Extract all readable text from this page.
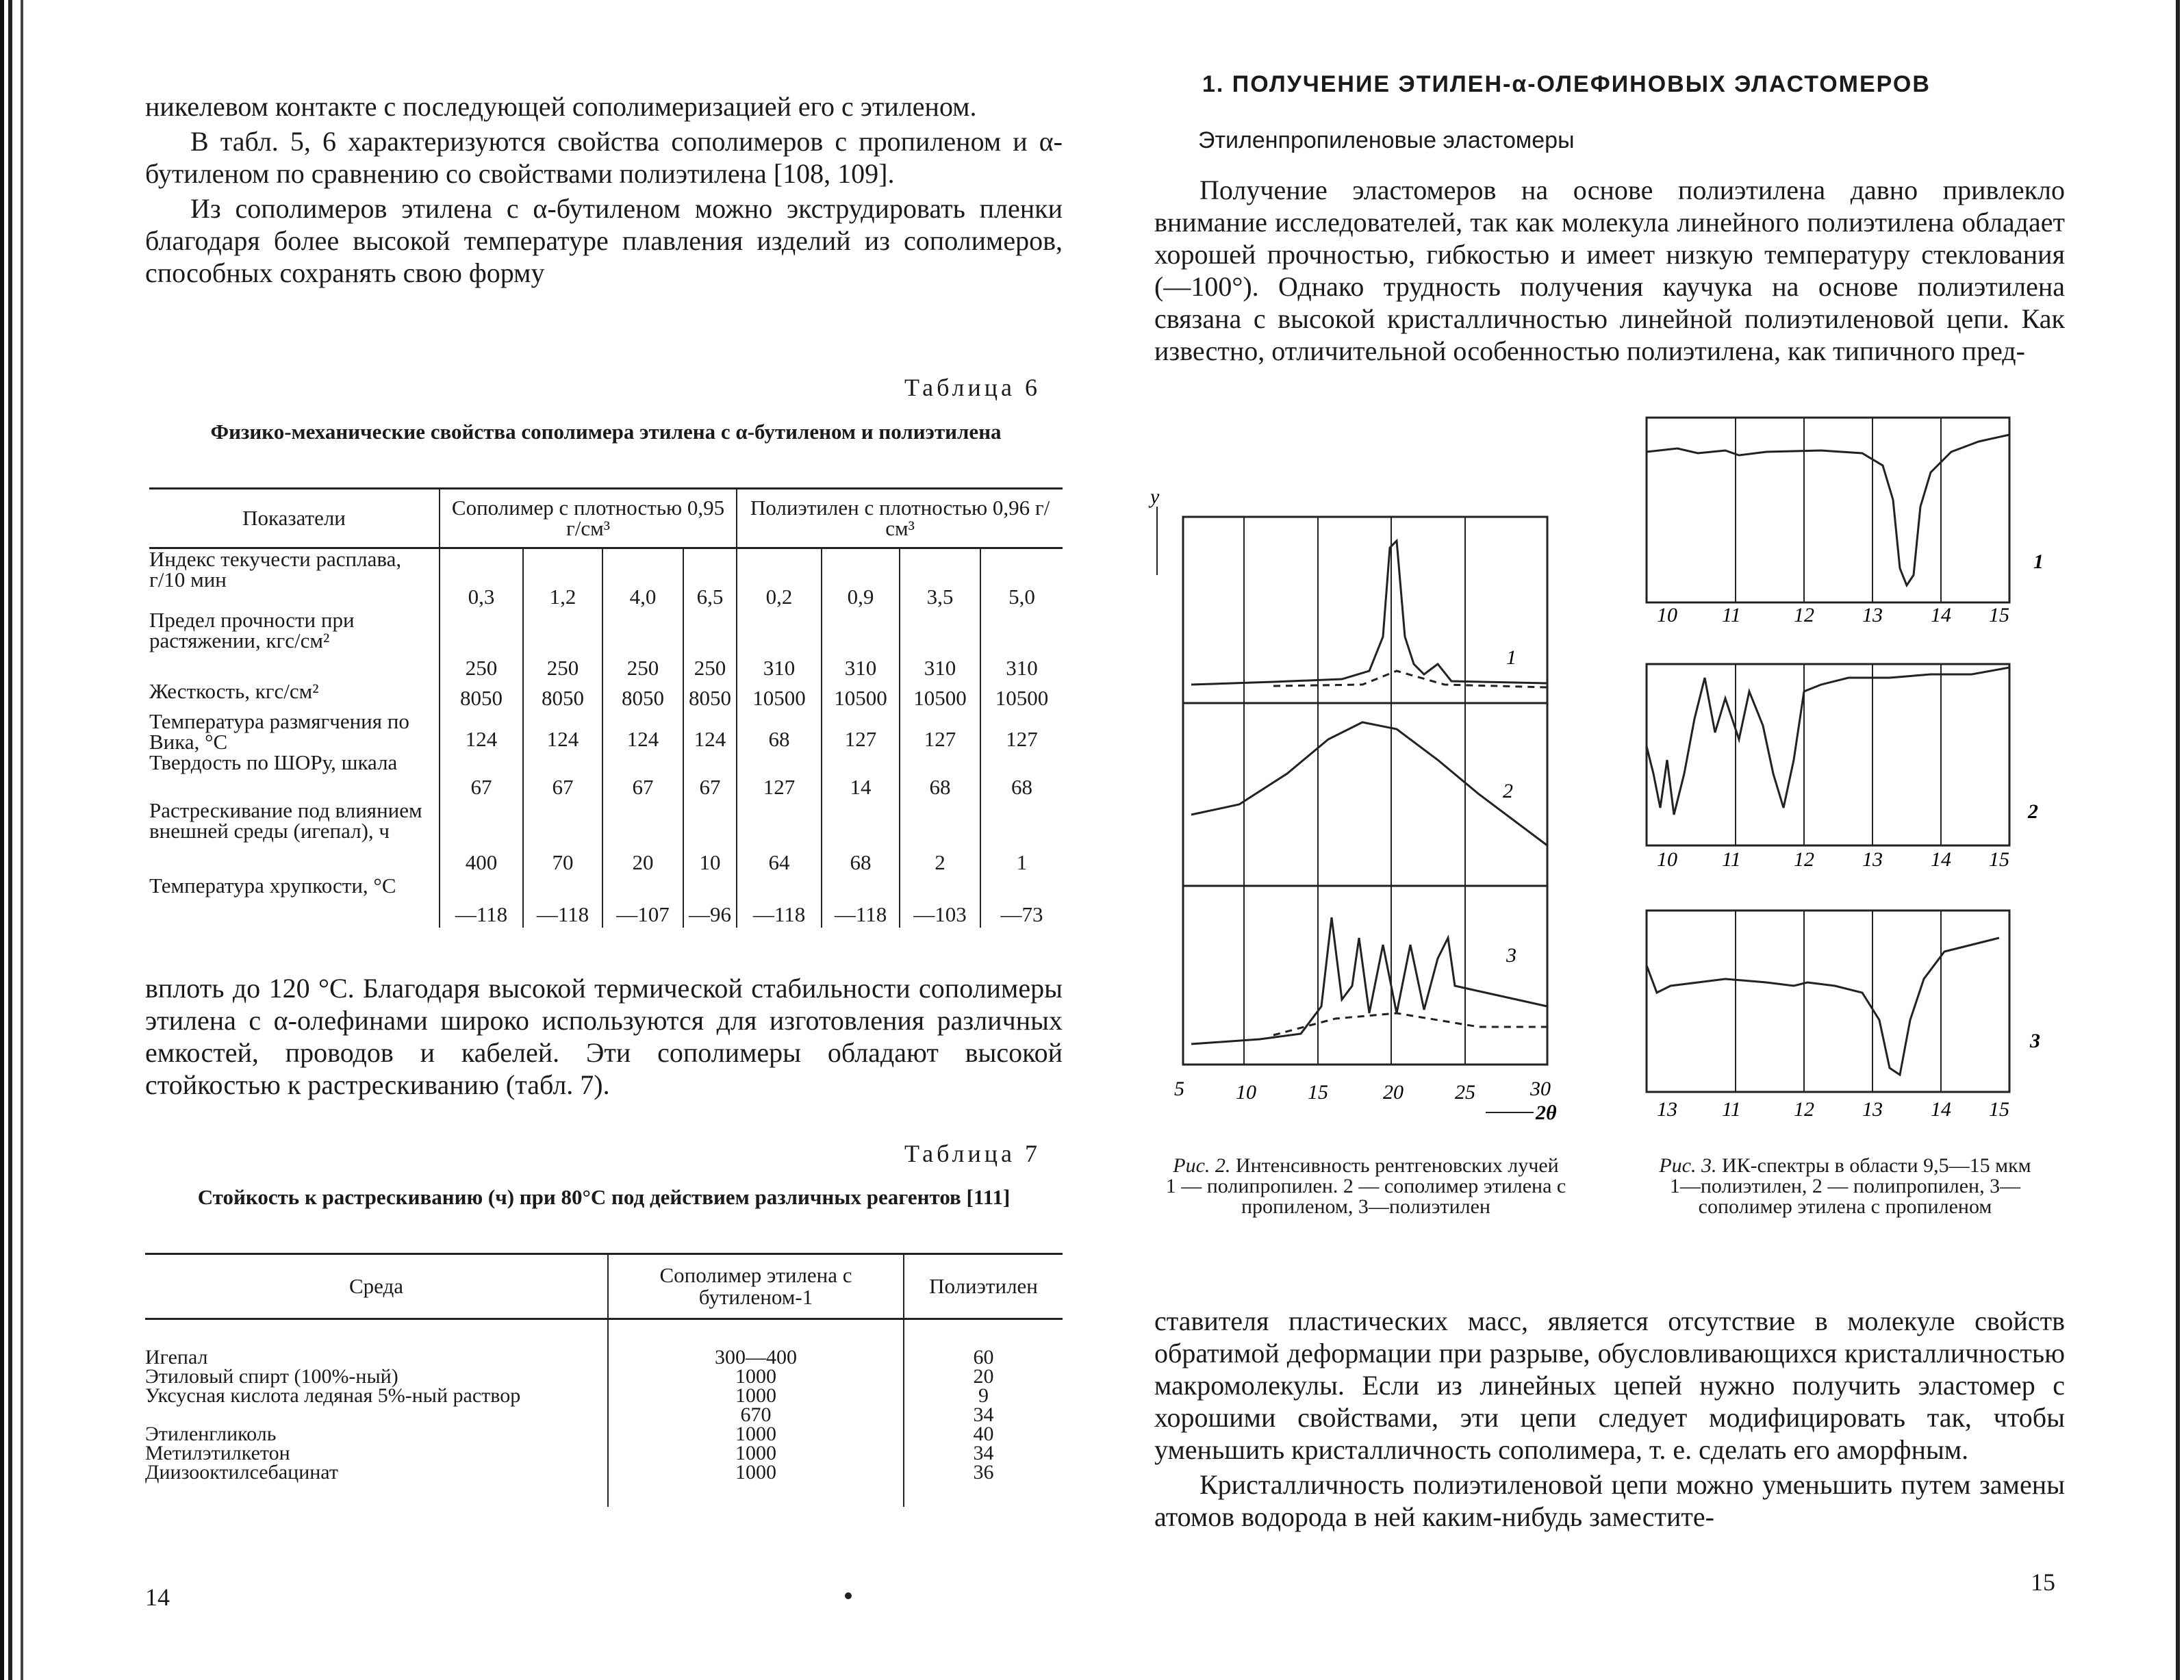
никелевом контакте с последующей сополимеризацией его с этиленом.

В табл. 5, 6 характеризуются свойства сополимеров с пропиленом и α-бутиленом по сравнению со свойствами полиэтилена [108, 109].

Из сополимеров этилена с α-бутиленом можно экструдировать пленки благодаря более высокой температуре плавления изделий из сополимеров, способных сохранять свою форму

Таблица 6
Физико-механические свойства сополимера этилена с α-бутиленом и полиэтилена
Показатели	Сополимер с плотностью 0,95 г/см³				Полиэтилен с плотностью 0,96 г/см³			
Индекс текучести расплава, г/10 мин	0,3	1,2	4,0	6,5	0,2	0,9	3,5	5,0
Предел прочности при растяжении, кгс/см²	250	250	250	250	310	310	310	310
Жесткость, кгс/см²	8050	8050	8050	8050	10500	10500	10500	10500
Температура размягчения по Вика, °С	124	124	124	124	68	127	127	127
Твердость по ШОРу, шкала	67	67	67	67	127	14	68	68
Растрескивание под влиянием внешней среды (игепал), ч	400	70	20	10	64	68	2	1
Температура хрупкости, °С	—118	—118	—107	—96	—118	—118	—103	—73

вплоть до 120 °С. Благодаря высокой термической стабильности сополимеры этилена с α-олефинами широко используются для изготовления различных емкостей, проводов и кабелей. Эти сополимеры обладают высокой стойкостью к растрескиванию (табл. 7).

Таблица 7
Стойкость к растрескиванию (ч) при 80°С под действием различных реагентов [111]
Среда	Сополимер этилена с бутиленом-1	Полиэтилен
Игепал	300—400	60
Этиловый спирт (100%-ный)	1000	20
Уксусная кислота ледяная 5%-ный раствор	1000	9
	670	34
Этиленгликоль	1000	40
Метилэтилкетон	1000	34
Диизооктилсебацинат	1000	36

14
1. ПОЛУЧЕНИЕ ЭТИЛЕН-α-ОЛЕФИНОВЫХ ЭЛАСТОМЕРОВ
Этиленпропиленовые эластомеры

Получение эластомеров на основе полиэтилена давно привлекло внимание исследователей, так как молекула линейного полиэтилена обладает хорошей прочностью, гибкостью и имеет низкую температуру стеклования (—100°). Однако трудность получения каучука на основе полиэтилена связана с высокой кристалличностью линейной полиэтиленовой цепи. Как известно, отличительной особенностью полиэтилена, как типичного пред-

y
1
2
3
5	10	15	20	25	30
2θ
Рис. 2. Интенсивность рентгеновских лучей
1 — полипропилен. 2 — сополимер этилена с пропиленом, 3—полиэтилен
1
2
3
10 11	12 13 14 15
10 11	12 13 14 15
13 11	12 13 14 15
Рис. 3. ИК-спектры в области 9,5—15 мкм
1—полиэтилен, 2 — полипропилен, 3—сополимер этилена с пропиленом

ставителя пластических масс, является отсутствие в молекуле свойств обратимой деформации при разрыве, обусловливающихся кристалличностью макромолекулы. Если из линейных цепей нужно получить эластомер с хорошими свойствами, эти цепи следует модифицировать так, чтобы уменьшить кристалличность сополимера, т. е. сделать его аморфным.

Кристалличность полиэтиленовой цепи можно уменьшить путем замены атомов водорода в ней каким-нибудь заместите-

15
